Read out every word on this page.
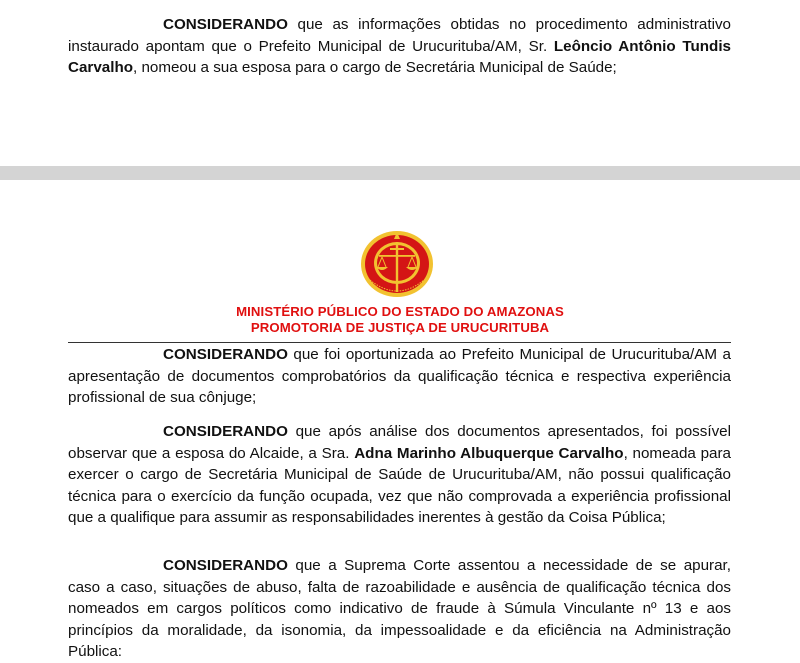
CONSIDERANDO que as informações obtidas no procedimento administrativo instaurado apontam que o Prefeito Municipal de Urucurituba/AM, Sr. Leôncio Antônio Tundis Carvalho, nomeou a sua esposa para o cargo de Secretária Municipal de Saúde;

MINISTÉRIO PÚBLICO DO ESTADO DO AMAZONAS
PROMOTORIA DE JUSTIÇA DE URUCURITUBA

CONSIDERANDO que foi oportunizada ao Prefeito Municipal de Urucurituba/AM a apresentação de documentos comprobatórios da qualificação técnica e respectiva experiência profissional de sua cônjuge;

CONSIDERANDO que após análise dos documentos apresentados, foi possível observar que a esposa do Alcaide, a Sra. Adna Marinho Albuquerque Carvalho, nomeada para exercer o cargo de Secretária Municipal de Saúde de Urucurituba/AM, não possui qualificação técnica para o exercício da função ocupada, vez que não comprovada a experiência profissional que a qualifique para assumir as responsabilidades inerentes à gestão da Coisa Pública;

CONSIDERANDO que a Suprema Corte assentou a necessidade de se apurar, caso a caso, situações de abuso, falta de razoabilidade e ausência de qualificação técnica dos nomeados em cargos políticos como indicativo de fraude à Súmula Vinculante nº 13 e aos princípios da moralidade, da isonomia, da impessoalidade e da eficiência na Administração Pública:
